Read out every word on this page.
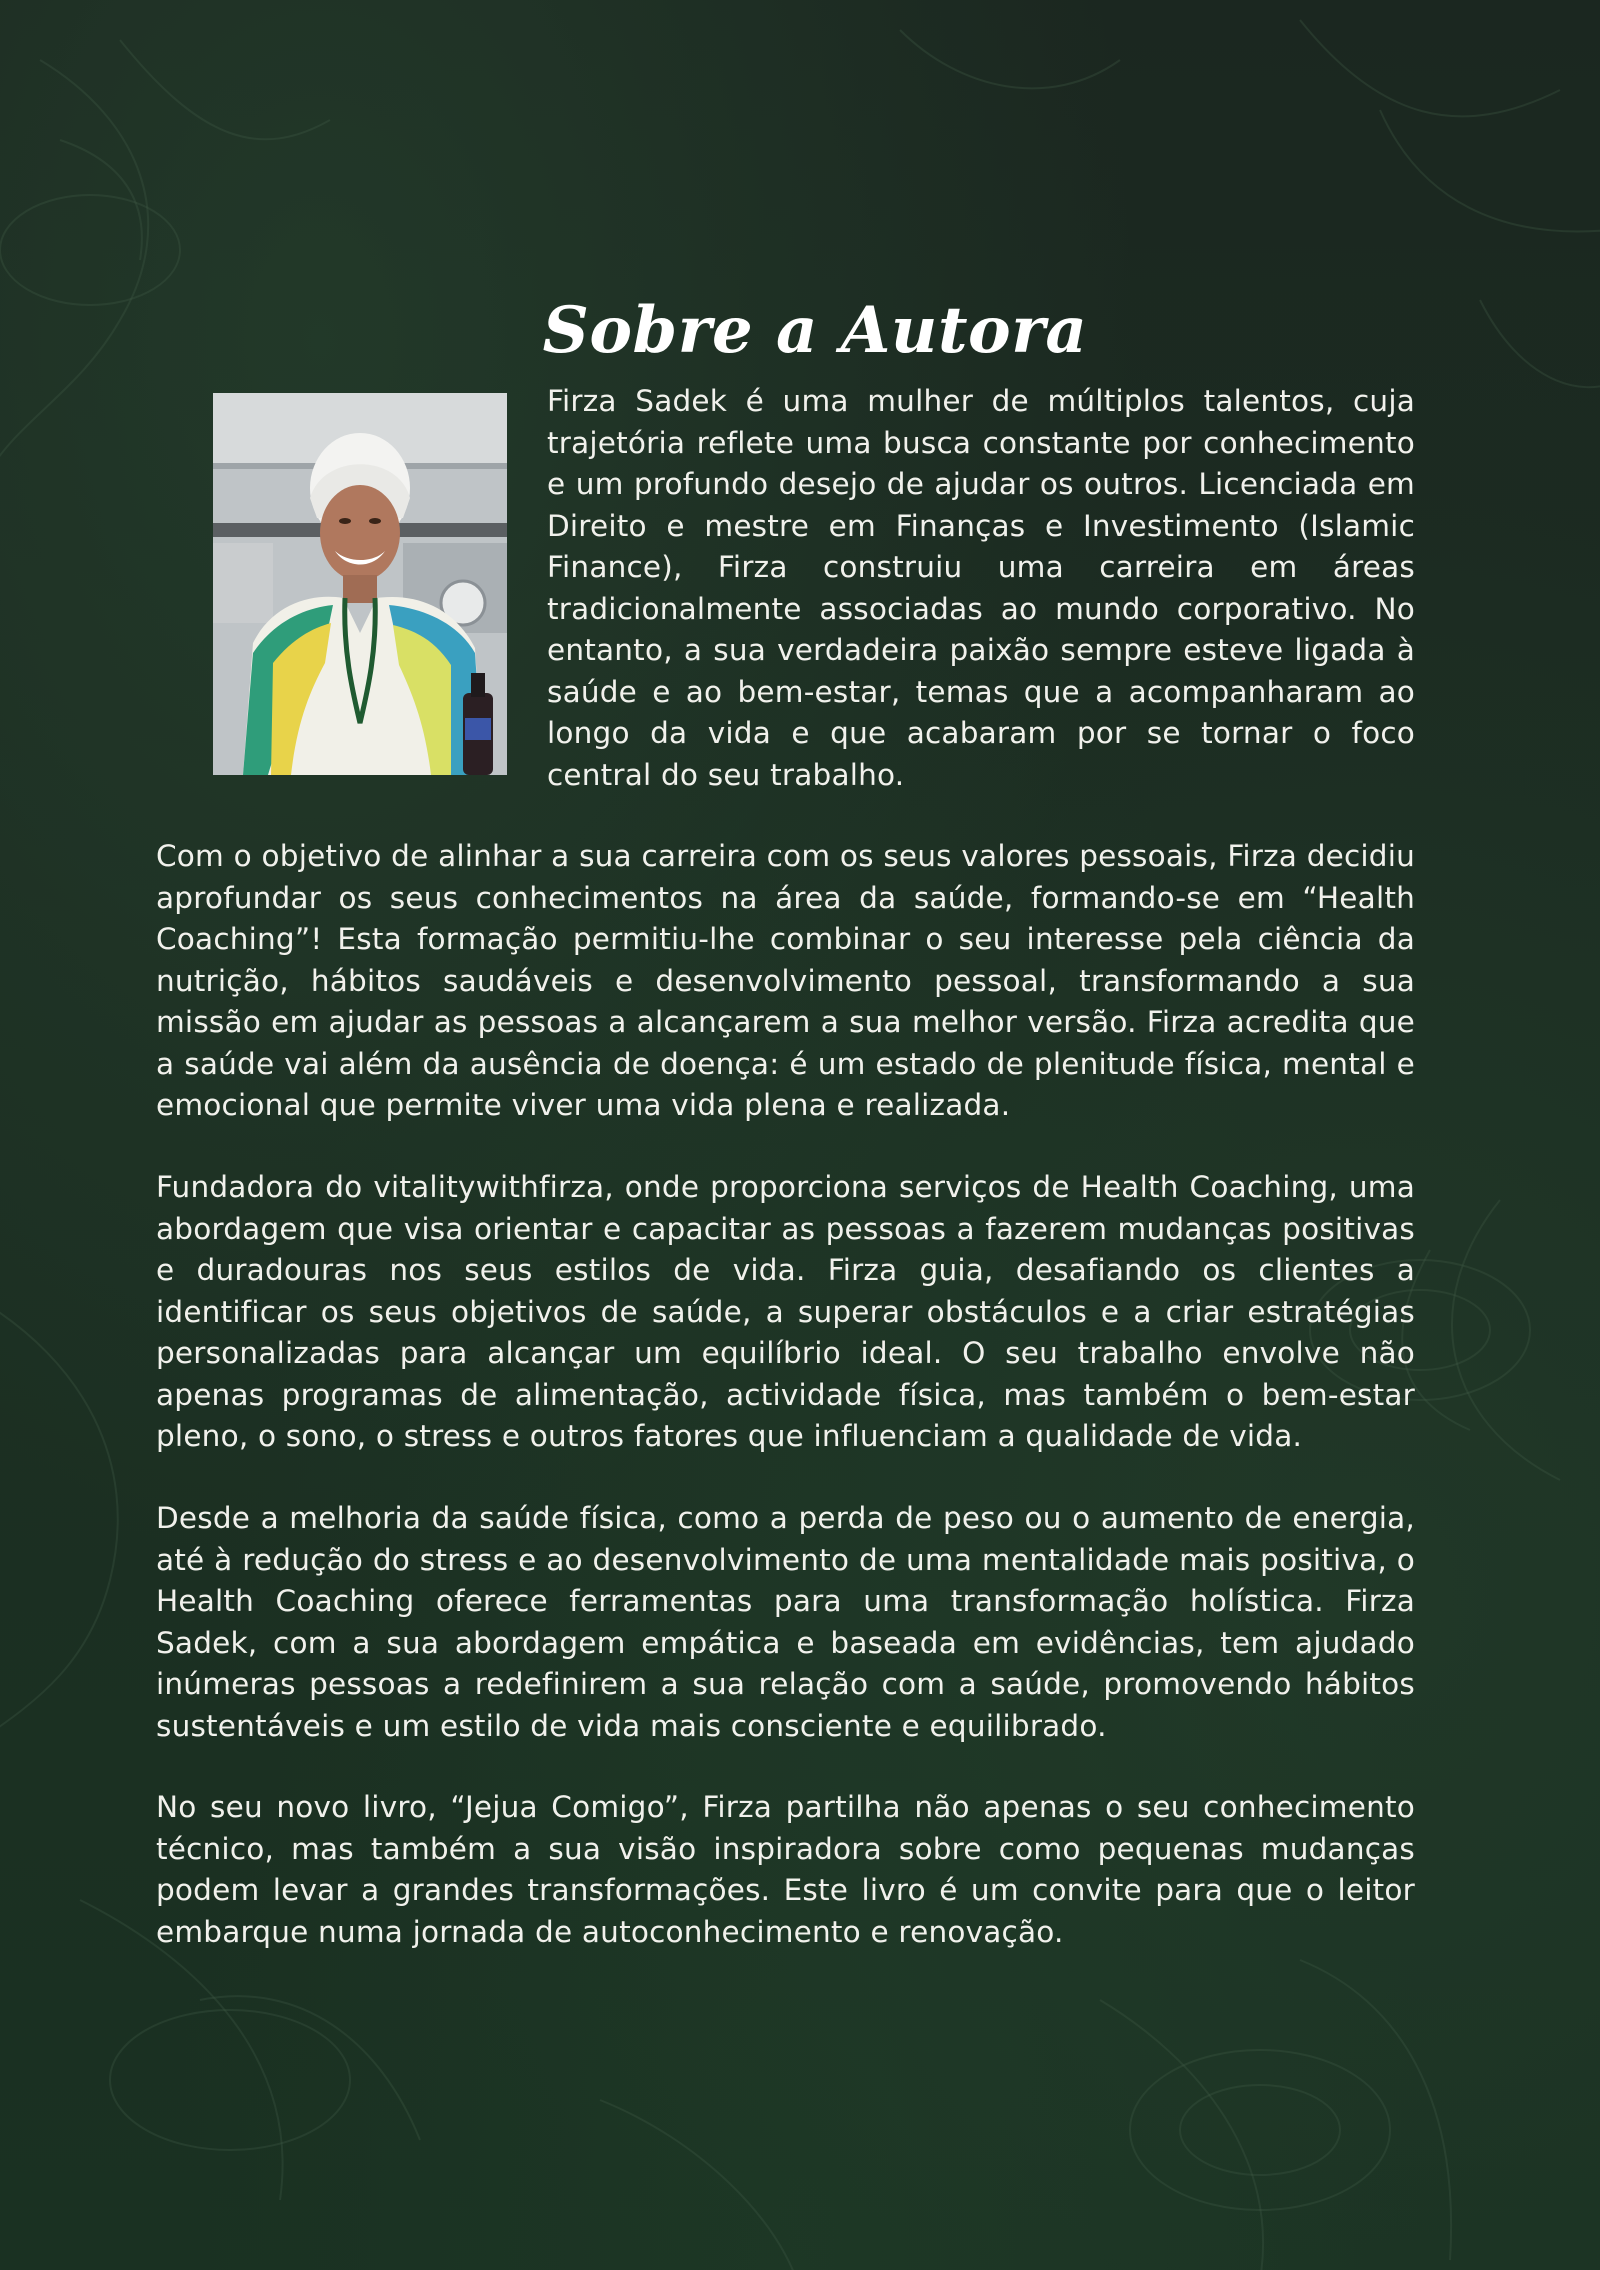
Sobre a Autora

Firza Sadek é uma mulher de múltiplos talentos, cuja trajetória reflete uma busca constante por conhecimento e um profundo desejo de ajudar os outros. Licenciada em Direito e mestre em Finanças e Investimento (Islamic Finance), Firza construiu uma carreira em áreas tradicionalmente associadas ao mundo corporativo. No entanto, a sua verdadeira paixão sempre esteve ligada à saúde e ao bem-estar, temas que a acompanharam ao longo da vida e que acabaram por se tornar o foco central do seu trabalho.

Com o objetivo de alinhar a sua carreira com os seus valores pessoais, Firza decidiu aprofundar os seus conhecimentos na área da saúde, formando-se em “Health Coaching”! Esta formação permitiu-lhe combinar o seu interesse pela ciência da nutrição, hábitos saudáveis e desenvolvimento pessoal, transformando a sua missão em ajudar as pessoas a alcançarem a sua melhor versão. Firza acredita que a saúde vai além da ausência de doença: é um estado de plenitude física, mental e emocional que permite viver uma vida plena e realizada.

Fundadora do vitalitywithfirza, onde proporciona serviços de Health Coaching, uma abordagem que visa orientar e capacitar as pessoas a fazerem mudanças positivas e duradouras nos seus estilos de vida. Firza guia, desafiando os clientes a identificar os seus objetivos de saúde, a superar obstáculos e a criar estratégias personalizadas para alcançar um equilíbrio ideal. O seu trabalho envolve não apenas programas de alimentação, actividade física, mas também o bem-estar pleno, o sono, o stress e outros fatores que influenciam a qualidade de vida.

Desde a melhoria da saúde física, como a perda de peso ou o aumento de energia, até à redução do stress e ao desenvolvimento de uma mentalidade mais positiva, o Health Coaching oferece ferramentas para uma transformação holística. Firza Sadek, com a sua abordagem empática e baseada em evidências, tem ajudado inúmeras pessoas a redefinirem a sua relação com a saúde, promovendo hábitos sustentáveis e um estilo de vida mais consciente e equilibrado.

No seu novo livro, “Jejua Comigo”, Firza partilha não apenas o seu conhecimento técnico, mas também a sua visão inspiradora sobre como pequenas mudanças podem levar a grandes transformações. Este livro é um convite para que o leitor embarque numa jornada de autoconhecimento e renovação.
